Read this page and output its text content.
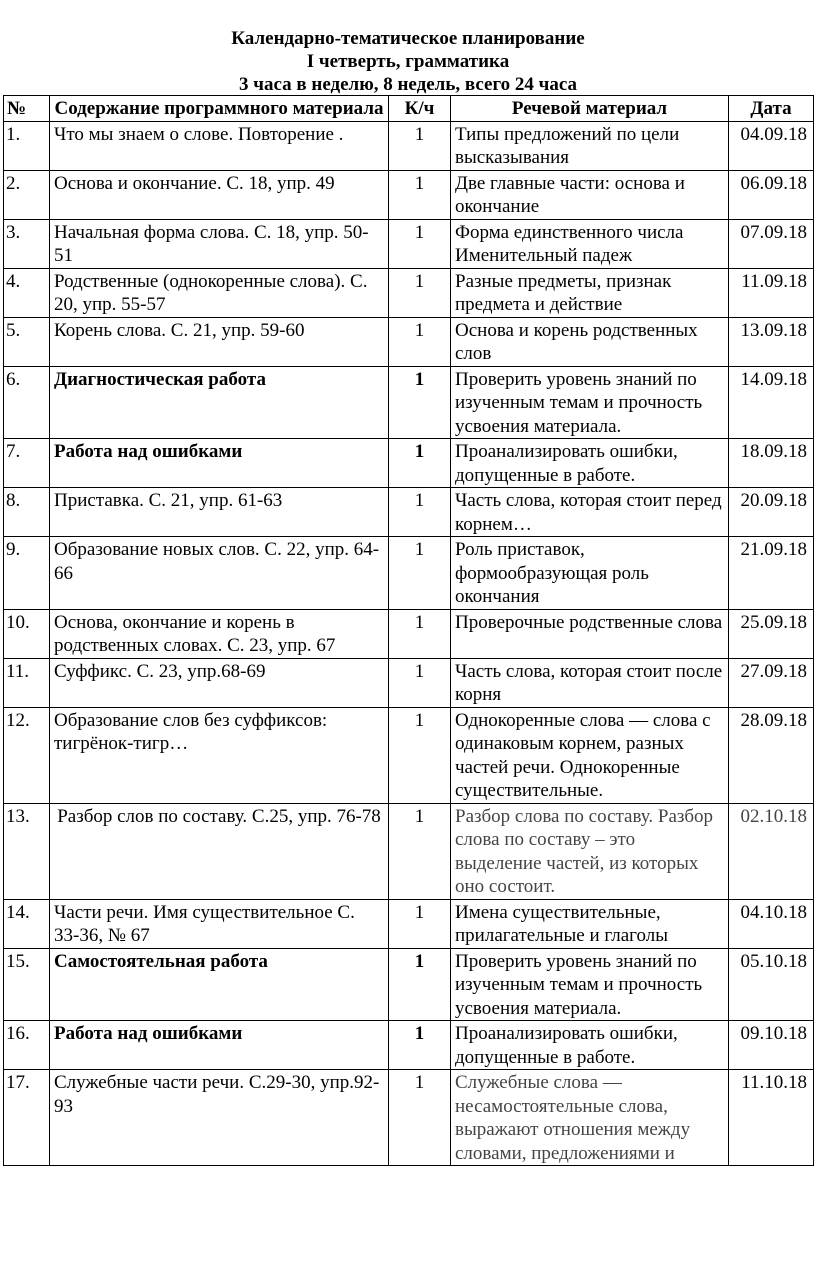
Календарно-тематическое планирование
I четверть, грамматика
3 часа в неделю, 8 недель, всего 24 часа
№	Содержание программного материала	К/ч	Речевой материал	Дата
1.	Что мы знаем о слове. Повторение .	1	Типы предложений по цели высказывания	04.09.18
2.	Основа и окончание. С. 18, упр. 49	1	Две главные части: основа и окончание	06.09.18
3.	Начальная форма слова. С. 18, упр. 50-51	1	Форма единственного числа Именительный падеж	07.09.18
4.	Родственные (однокоренные слова). С. 20, упр. 55-57	1	Разные предметы, признак предмета и действие	11.09.18
5.	Корень слова. С. 21, упр. 59-60	1	Основа и корень родственных слов	13.09.18
6.	Диагностическая работа	1	Проверить уровень знаний по изученным темам и прочность усвоения материала.	14.09.18
7.	Работа над ошибками	1	Проанализировать ошибки, допущенные в работе.	18.09.18
8.	Приставка. С. 21, упр. 61-63	1	Часть слова, которая стоит перед корнем…	20.09.18
9.	Образование новых слов. С. 22, упр. 64-66	1	Роль приставок, формообразующая роль окончания	21.09.18
10.	Основа, окончание и корень в родственных словах. С. 23, упр. 67	1	Проверочные родственные слова	25.09.18
11.	Суффикс. С. 23, упр.68-69	1	Часть слова, которая стоит после корня	27.09.18
12.	Образование слов без суффиксов: тигрёнок-тигр…	1	Однокоренные слова — слова с одинаковым корнем, разных частей речи. Однокоренные существительные.	28.09.18
13.	Разбор слов по составу. С.25, упр. 76-78	1	Разбор слова по составу. Разбор слова по составу – это выделение частей, из которых оно состоит.	02.10.18
14.	Части речи. Имя существительное С. 33-36, № 67	1	Имена существительные, прилагательные и глаголы	04.10.18
15.	Самостоятельная работа	1	Проверить уровень знаний по изученным темам и прочность усвоения материала.	05.10.18
16.	Работа над ошибками	1	Проанализировать ошибки, допущенные в работе.	09.10.18
17.	Служебные части речи. С.29-30, упр.92-93	1	Служебные слова — несамостоятельные слова, выражают отношения между словами, предложениями и	11.10.18
